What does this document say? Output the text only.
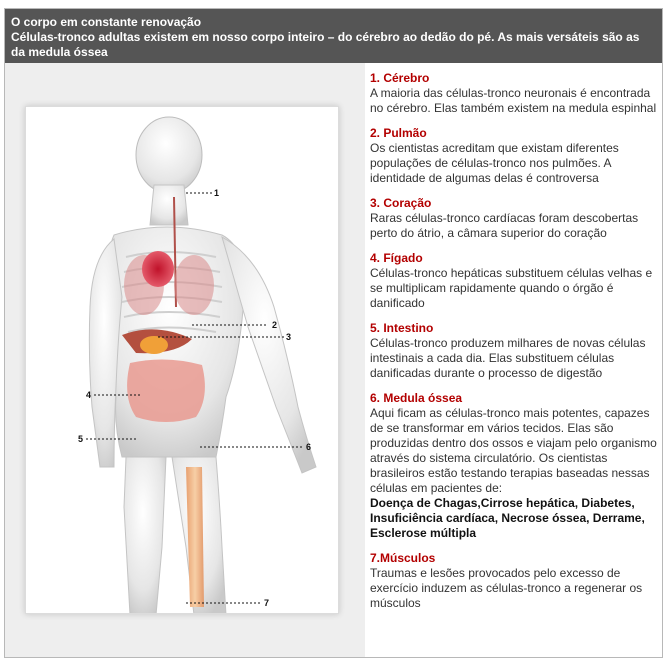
O corpo em constante renovação
Células-tronco adultas existem em nosso corpo inteiro – do cérebro ao dedão do pé. As mais versáteis são as da medula óssea
1
2
3
4
5
6
7
1. Cérebro
A maioria das células-tronco neuronais é encontrada no cérebro. Elas também existem na medula espinhal
2. Pulmão
Os cientistas acreditam que existam diferentes populações de células-tronco nos pulmões. A identidade de algumas delas é controversa
3. Coração
Raras células-tronco cardíacas foram descobertas perto do átrio, a câmara superior do coração
4. Fígado
Células-tronco hepáticas substituem células velhas e se multiplicam rapidamente quando o órgão é danificado
5. Intestino
Células-tronco produzem milhares de novas células intestinais a cada dia. Elas substituem células danificadas durante o processo de digestão
6. Medula óssea
Aqui ficam as células-tronco mais potentes, capazes de se transformar em vários tecidos. Elas são produzidas dentro dos ossos e viajam pelo organismo através do sistema circulatório. Os cientistas brasileiros estão testando terapias baseadas nessas células em pacientes de:
Doença de Chagas,Cirrose hepática, Diabetes, Insuficiência cardíaca, Necrose óssea, Derrame, Esclerose múltipla
7.Músculos
Traumas e lesões provocados pelo excesso de exercício induzem as células-tronco a regenerar os músculos
